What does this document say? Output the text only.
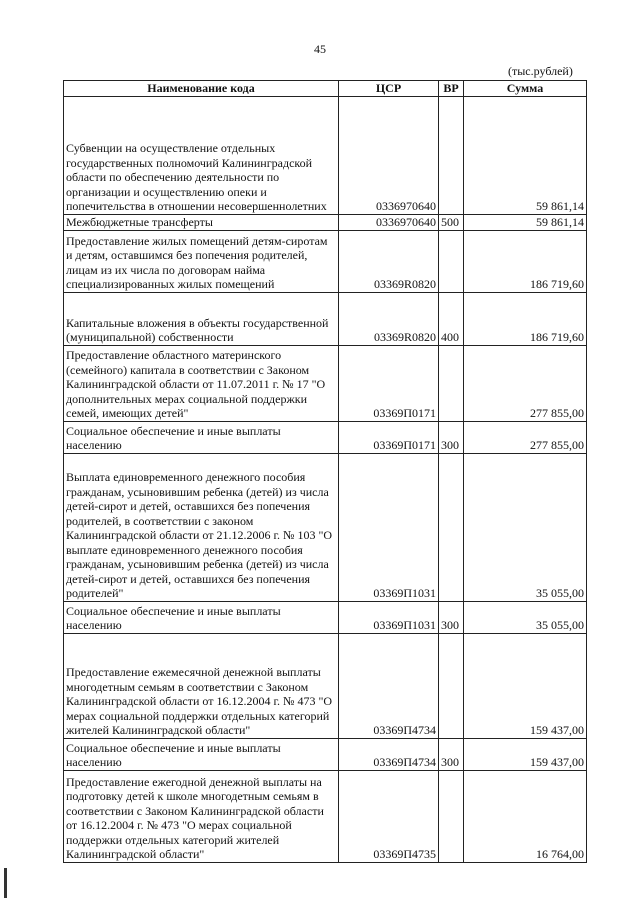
45
(тыс.рублей)
Наименование кода	ЦСР	ВР	Сумма
Субвенции на осуществление отдельных государственных полномочий Калининградской области по обеспечению деятельности по организации и осуществлению опеки и попечительства в отношении несовершеннолетних	0336970640		59 861,14
Межбюджетные трансферты	0336970640	500	59 861,14
Предоставление жилых помещений детям-сиротам и детям, оставшимся без попечения родителей, лицам из их числа по договорам найма специализированных жилых помещений	03369R0820		186 719,60
Капитальные вложения в объекты государственной (муниципальной) собственности	03369R0820	400	186 719,60
Предоставление областного материнского (семейного) капитала в соответствии с Законом Калининградской области от 11.07.2011 г. № 17 "О дополнительных мерах социальной поддержки семей, имеющих детей"	03369П0171		277 855,00
Социальное обеспечение и иные выплаты населению	03369П0171	300	277 855,00
Выплата единовременного денежного пособия гражданам, усыновившим ребенка (детей) из числа детей-сирот и детей, оставшихся без попечения родителей, в соответствии с законом Калининградской области от 21.12.2006 г. № 103 "О выплате единовременного денежного пособия гражданам, усыновившим ребенка (детей) из числа детей-сирот и детей, оставшихся без попечения родителей"	03369П1031		35 055,00
Социальное обеспечение и иные выплаты населению	03369П1031	300	35 055,00
Предоставление ежемесячной денежной выплаты многодетным семьям в соответствии с Законом Калининградской области от 16.12.2004 г. № 473 "О мерах социальной поддержки отдельных категорий жителей Калининградской области"	03369П4734		159 437,00
Социальное обеспечение и иные выплаты населению	03369П4734	300	159 437,00
Предоставление ежегодной денежной выплаты на подготовку детей к школе многодетным семьям в соответствии с Законом Калининградской области от 16.12.2004 г. № 473 "О мерах социальной поддержки отдельных категорий жителей Калининградской области"	03369П4735		16 764,00
